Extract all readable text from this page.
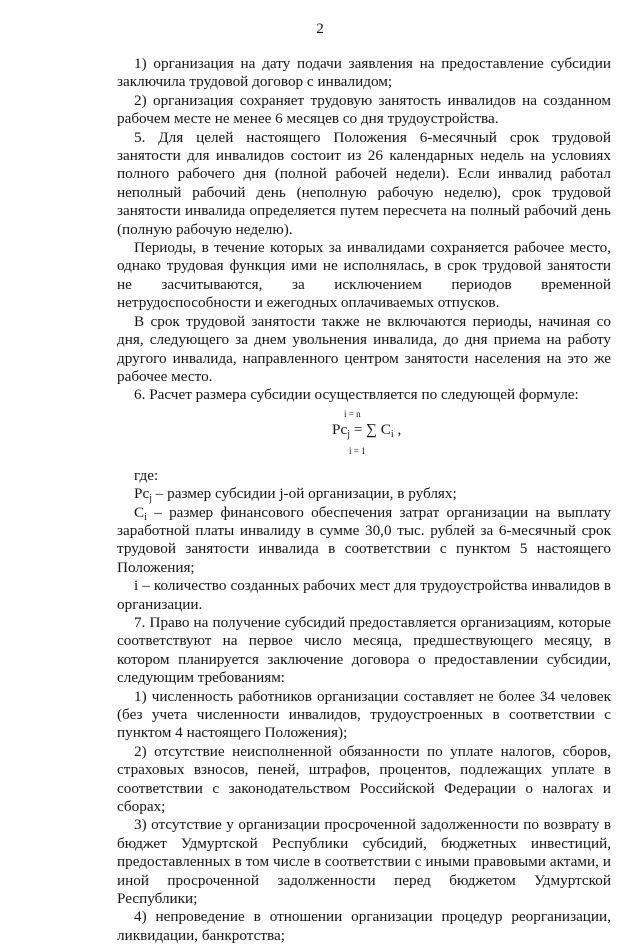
2

1) организация на дату подачи заявления на предоставление субсидии заключила трудовой договор с инвалидом;

2) организация сохраняет трудовую занятость инвалидов на созданном рабочем месте не менее 6 месяцев со дня трудоустройства.

5. Для целей настоящего Положения 6-месячный срок трудовой занятости для инвалидов состоит из 26 календарных недель на условиях полного рабочего дня (полной рабочей недели). Если инвалид работал неполный рабочий день (неполную рабочую неделю), срок трудовой занятости инвалида определяется путем пересчета на полный рабочий день (полную рабочую неделю).

Периоды, в течение которых за инвалидами сохраняется рабочее место, однако трудовая функция ими не исполнялась, в срок трудовой занятости не засчитываются, за исключением периодов временной нетрудоспособности и ежегодных оплачиваемых отпусков.

В срок трудовой занятости также не включаются периоды, начиная со дня, следующего за днем увольнения инвалида, до дня приема на работу другого инвалида, направленного центром занятости населения на это же рабочее место.

6. Расчет размера субсидии осуществляется по следующей формуле:

i = n
$Pc_j$ = ∑ $C_i$ ,
i = 1

где:

$Pc_j$ – размер субсидии j-ой организации, в рублях;

$C_i$ – размер финансового обеспечения затрат организации на выплату заработной платы инвалиду в сумме 30,0 тыс. рублей за 6-месячный срок трудовой занятости инвалида в соответствии с пунктом 5 настоящего Положения;

i – количество созданных рабочих мест для трудоустройства инвалидов в организации.

7. Право на получение субсидий предоставляется организациям, которые соответствуют на первое число месяца, предшествующего месяцу, в котором планируется заключение договора о предоставлении субсидии, следующим требованиям:

1) численность работников организации составляет не более 34 человек (без учета численности инвалидов, трудоустроенных в соответствии с пунктом 4 настоящего Положения);

2) отсутствие неисполненной обязанности по уплате налогов, сборов, страховых взносов, пеней, штрафов, процентов, подлежащих уплате в соответствии с законодательством Российской Федерации о налогах и сборах;

3) отсутствие у организации просроченной задолженности по возврату в бюджет Удмуртской Республики субсидий, бюджетных инвестиций, предоставленных в том числе в соответствии с иными правовыми актами, и иной просроченной задолженности перед бюджетом Удмуртской Республики;

4) непроведение в отношении организации процедур реорганизации, ликвидации, банкротства;
